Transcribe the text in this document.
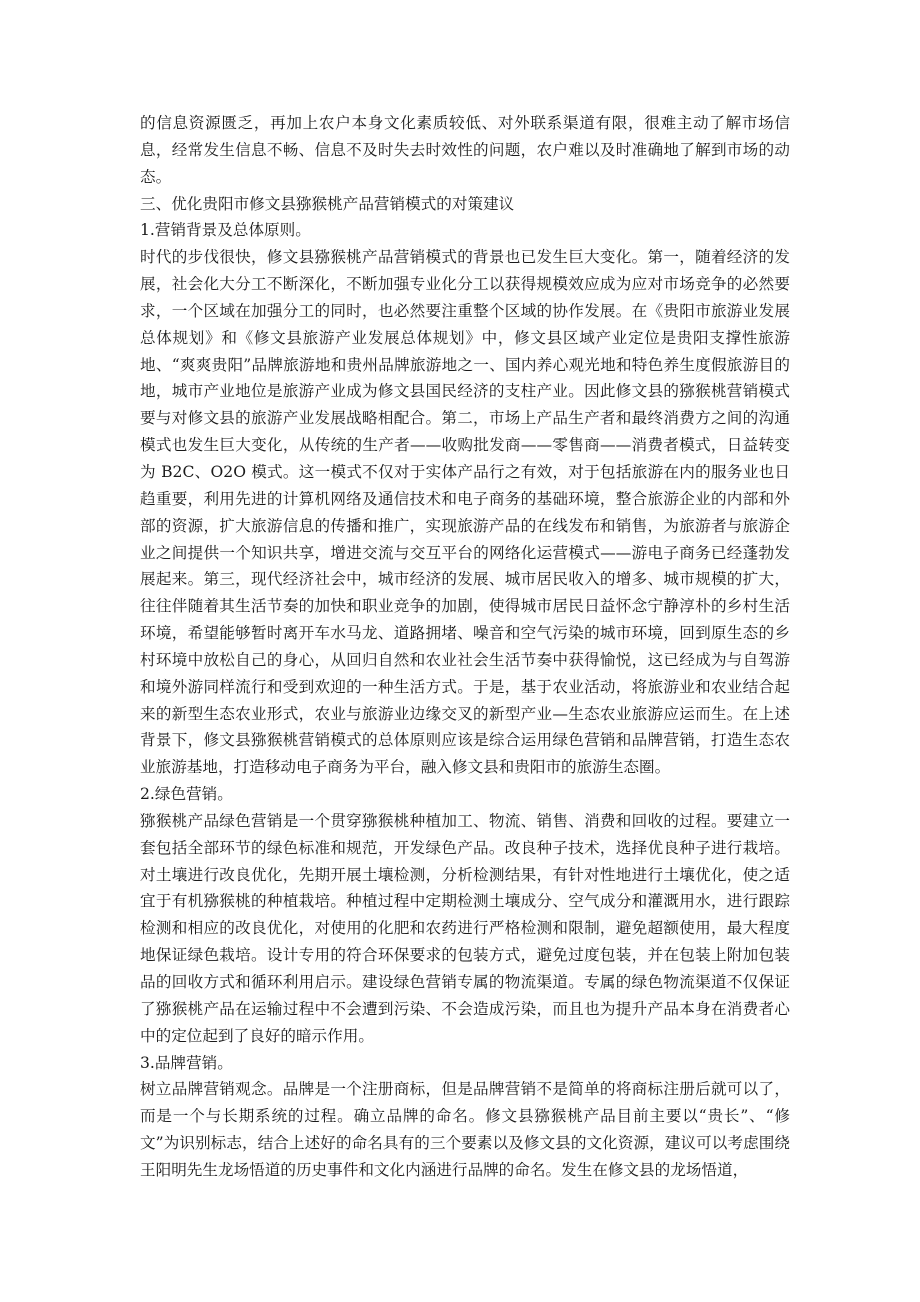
的信息资源匮乏，再加上农户本身文化素质较低、对外联系渠道有限，很难主动了解市场信息，经常发生信息不畅、信息不及时失去时效性的问题，农户难以及时准确地了解到市场的动态。

三、优化贵阳市修文县猕猴桃产品营销模式的对策建议

1.营销背景及总体原则。

时代的步伐很快，修文县猕猴桃产品营销模式的背景也已发生巨大变化。第一，随着经济的发展，社会化大分工不断深化，不断加强专业化分工以获得规模效应成为应对市场竞争的必然要求，一个区域在加强分工的同时，也必然要注重整个区域的协作发展。在《贵阳市旅游业发展总体规划》和《修文县旅游产业发展总体规划》中，修文县区域产业定位是贵阳支撑性旅游地、“爽爽贵阳”品牌旅游地和贵州品牌旅游地之一、国内养心观光地和特色养生度假旅游目的地，城市产业地位是旅游产业成为修文县国民经济的支柱产业。因此修文县的猕猴桃营销模式要与对修文县的旅游产业发展战略相配合。第二，市场上产品生产者和最终消费方之间的沟通模式也发生巨大变化，从传统的生产者——收购批发商——零售商——消费者模式，日益转变为 B2C、O2O 模式。这一模式不仅对于实体产品行之有效，对于包括旅游在内的服务业也日趋重要，利用先进的计算机网络及通信技术和电子商务的基础环境，整合旅游企业的内部和外部的资源，扩大旅游信息的传播和推广，实现旅游产品的在线发布和销售，为旅游者与旅游企业之间提供一个知识共享，增进交流与交互平台的网络化运营模式——游电子商务已经蓬勃发展起来。第三，现代经济社会中，城市经济的发展、城市居民收入的增多、城市规模的扩大，往往伴随着其生活节奏的加快和职业竞争的加剧，使得城市居民日益怀念宁静淳朴的乡村生活环境，希望能够暂时离开车水马龙、道路拥堵、噪音和空气污染的城市环境，回到原生态的乡村环境中放松自己的身心，从回归自然和农业社会生活节奏中获得愉悦，这已经成为与自驾游和境外游同样流行和受到欢迎的一种生活方式。于是，基于农业活动，将旅游业和农业结合起来的新型生态农业形式，农业与旅游业边缘交叉的新型产业—生态农业旅游应运而生。在上述背景下，修文县猕猴桃营销模式的总体原则应该是综合运用绿色营销和品牌营销，打造生态农业旅游基地，打造移动电子商务为平台，融入修文县和贵阳市的旅游生态圈。

2.绿色营销。

猕猴桃产品绿色营销是一个贯穿猕猴桃种植加工、物流、销售、消费和回收的过程。要建立一套包括全部环节的绿色标准和规范，开发绿色产品。改良种子技术，选择优良种子进行栽培。对土壤进行改良优化，先期开展土壤检测，分析检测结果，有针对性地进行土壤优化，使之适宜于有机猕猴桃的种植栽培。种植过程中定期检测土壤成分、空气成分和灌溉用水，进行跟踪检测和相应的改良优化，对使用的化肥和农药进行严格检测和限制，避免超额使用，最大程度地保证绿色栽培。设计专用的符合环保要求的包装方式，避免过度包装，并在包装上附加包装品的回收方式和循环利用启示。建设绿色营销专属的物流渠道。专属的绿色物流渠道不仅保证了猕猴桃产品在运输过程中不会遭到污染、不会造成污染，而且也为提升产品本身在消费者心中的定位起到了良好的暗示作用。

3.品牌营销。

树立品牌营销观念。品牌是一个注册商标，但是品牌营销不是简单的将商标注册后就可以了，而是一个与长期系统的过程。确立品牌的命名。修文县猕猴桃产品目前主要以“贵长”、“修文”为识别标志，结合上述好的命名具有的三个要素以及修文县的文化资源，建议可以考虑围绕王阳明先生龙场悟道的历史事件和文化内涵进行品牌的命名。发生在修文县的龙场悟道，
